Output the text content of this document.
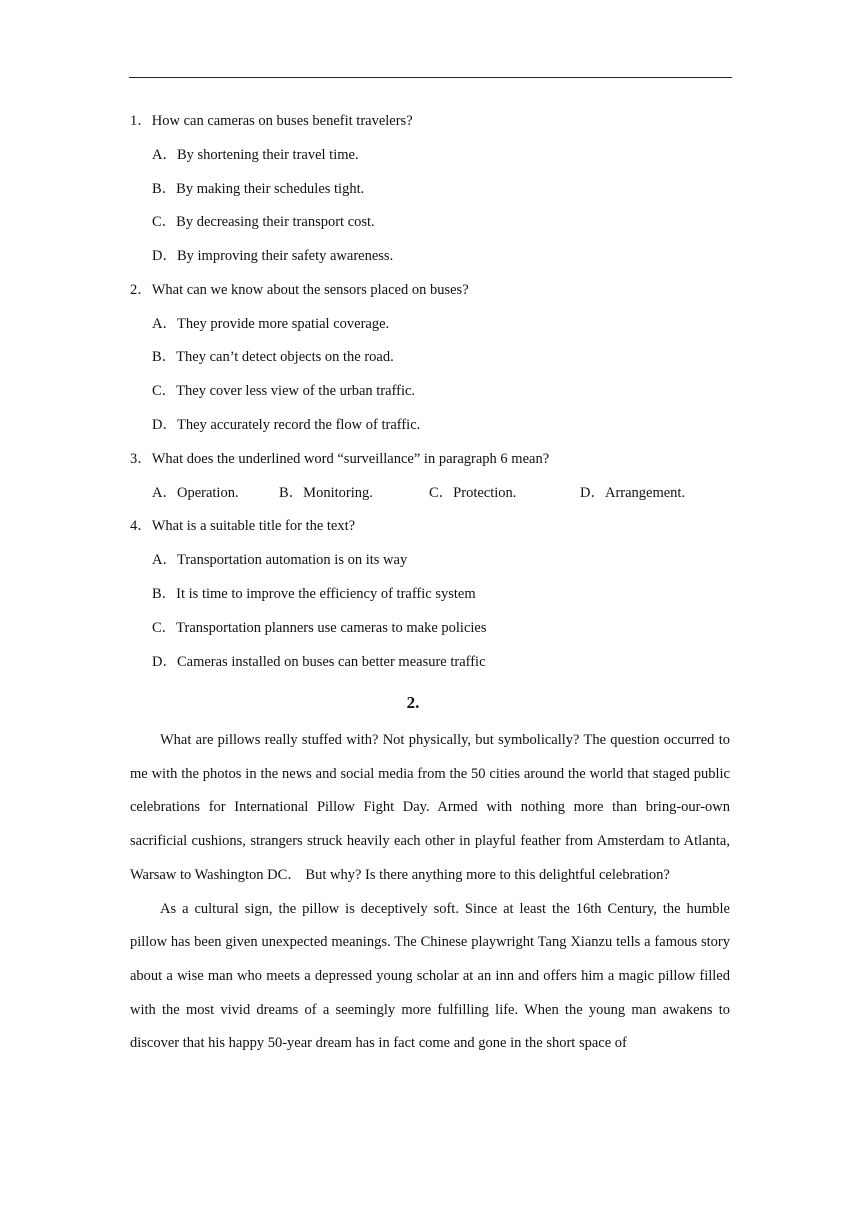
1．How can cameras on buses benefit travelers?
A．By shortening their travel time.
B．By making their schedules tight.
C．By decreasing their transport cost.
D．By improving their safety awareness.
2．What can we know about the sensors placed on buses?
A．They provide more spatial coverage.
B．They can’t detect objects on the road.
C．They cover less view of the urban traffic.
D．They accurately record the flow of traffic.
3．What does the underlined word “surveillance” in paragraph 6 mean?
A．Operation.	B．Monitoring.	C．Protection.	D．Arrangement.
4．What is a suitable title for the text?
A．Transportation automation is on its way
B．It is time to improve the efficiency of traffic system
C．Transportation planners use cameras to make policies
D．Cameras installed on buses can better measure traffic
2.

What are pillows really stuffed with? Not physically, but symbolically? The question occurred to me with the photos in the news and social media from the 50 cities around the world that staged public celebrations for International Pillow Fight Day. Armed with nothing more than bring-our-own sacrificial cushions, strangers struck heavily each other in playful feather from Amsterdam to Atlanta, Warsaw to Washington DC． But why? Is there anything more to this delightful celebration?

As a cultural sign, the pillow is deceptively soft. Since at least the 16th Century, the humble pillow has been given unexpected meanings. The Chinese playwright Tang Xianzu tells a famous story about a wise man who meets a depressed young scholar at an inn and offers him a magic pillow filled with the most vivid dreams of a seemingly more fulfilling life. When the young man awakens to discover that his happy 50-year dream has in fact come and gone in the short space of
